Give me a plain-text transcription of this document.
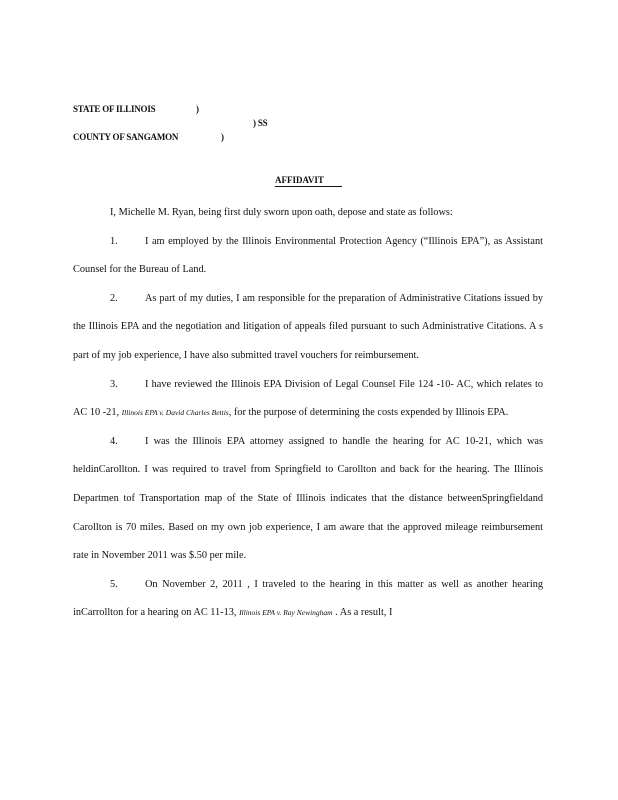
STATE OF ILLINOIS	)
) SS
COUNTY OF SANGAMON	)
AFFIDAVIT

I, Michelle M. Ryan, being first duly sworn upon oath, depose and state as follows:

1.	I am employed by the Illinois Environmental Protection Agency (“Illinois EPA”), as Assistant Counsel for the Bureau of Land.

2.	As part of my duties, I am responsible for the preparation of Administrative Citations issued by the Illinois EPA and the negotiation and litigation of appeals filed pursuant to such Administrative Citations. A s part of my job experience, I have also submitted travel vouchers for reimbursement.

3.	I have reviewed the Illinois EPA Division of Legal Counsel File 124 -10- AC, which relates to AC 10 -21, Illinois EPA v. David Charles Bettis, for the purpose of determining the costs expended by Illinois EPA.

4.	I was the Illinois EPA attorney assigned to handle the hearing for AC 10-21, which was heldinCarollton. I was required to travel from Springfield to Carollton and back for the hearing. The Illinois Departmen tof Transportation map of the State of Illinois indicates that the distance betweenSpringfieldand Carollton is 70 miles. Based on my own job experience, I am aware that the approved mileage reimbursement rate in November 2011 was $.50 per mile.

5.	On November 2, 2011 , I traveled to the hearing in this matter as well as another hearing inCarrollton for a hearing on AC 11-13, Illinois EPA v. Ray Newingham . As a result, I
